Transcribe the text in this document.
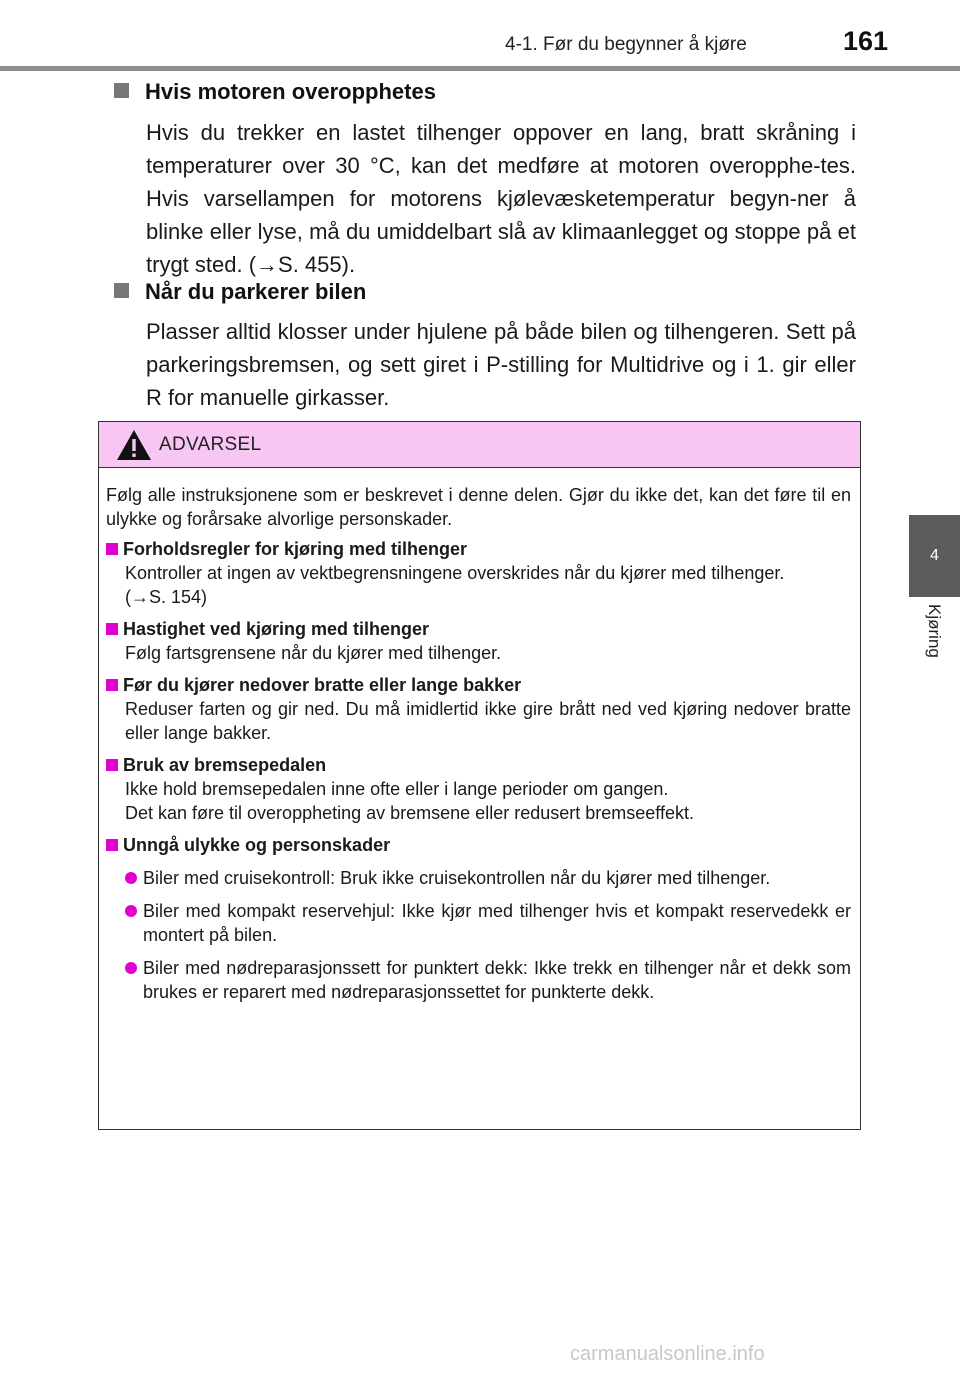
4-1. Før du begynner å kjøre	161
4
Kjøring
Hvis motoren overopphetes
Hvis du trekker en lastet tilhenger oppover en lang, bratt skråning i temperaturer over 30 °C, kan det medføre at motoren overopphe-tes. Hvis varsellampen for motorens kjølevæsketemperatur begyn-ner å blinke eller lyse, må du umiddelbart slå av klimaanlegget og stoppe på et trygt sted. (→S. 455).
Når du parkerer bilen
Plasser alltid klosser under hjulene på både bilen og tilhengeren. Sett på parkeringsbremsen, og sett giret i P-stilling for Multidrive og i 1. gir eller R for manuelle girkasser.
ADVARSEL

Følg alle instruksjonene som er beskrevet i denne delen. Gjør du ikke det, kan det føre til en ulykke og forårsake alvorlige personskader.

Forholdsregler for kjøring med tilhenger
Kontroller at ingen av vektbegrensningene overskrides når du kjører med tilhenger.
(→S. 154)
Hastighet ved kjøring med tilhenger
Følg fartsgrensene når du kjører med tilhenger.
Før du kjører nedover bratte eller lange bakker
Reduser farten og gir ned. Du må imidlertid ikke gire brått ned ved kjøring nedover bratte eller lange bakker.
Bruk av bremsepedalen
Ikke hold bremsepedalen inne ofte eller i lange perioder om gangen.
Det kan føre til overoppheting av bremsene eller redusert bremseeffekt.
Unngå ulykke og personskader
Biler med cruisekontroll: Bruk ikke cruisekontrollen når du kjører med tilhenger.
Biler med kompakt reservehjul: Ikke kjør med tilhenger hvis et kompakt reservedekk er montert på bilen.
Biler med nødreparasjonssett for punktert dekk: Ikke trekk en tilhenger når et dekk som brukes er reparert med nødreparasjonssettet for punkterte dekk.
carmanualsonline.info
